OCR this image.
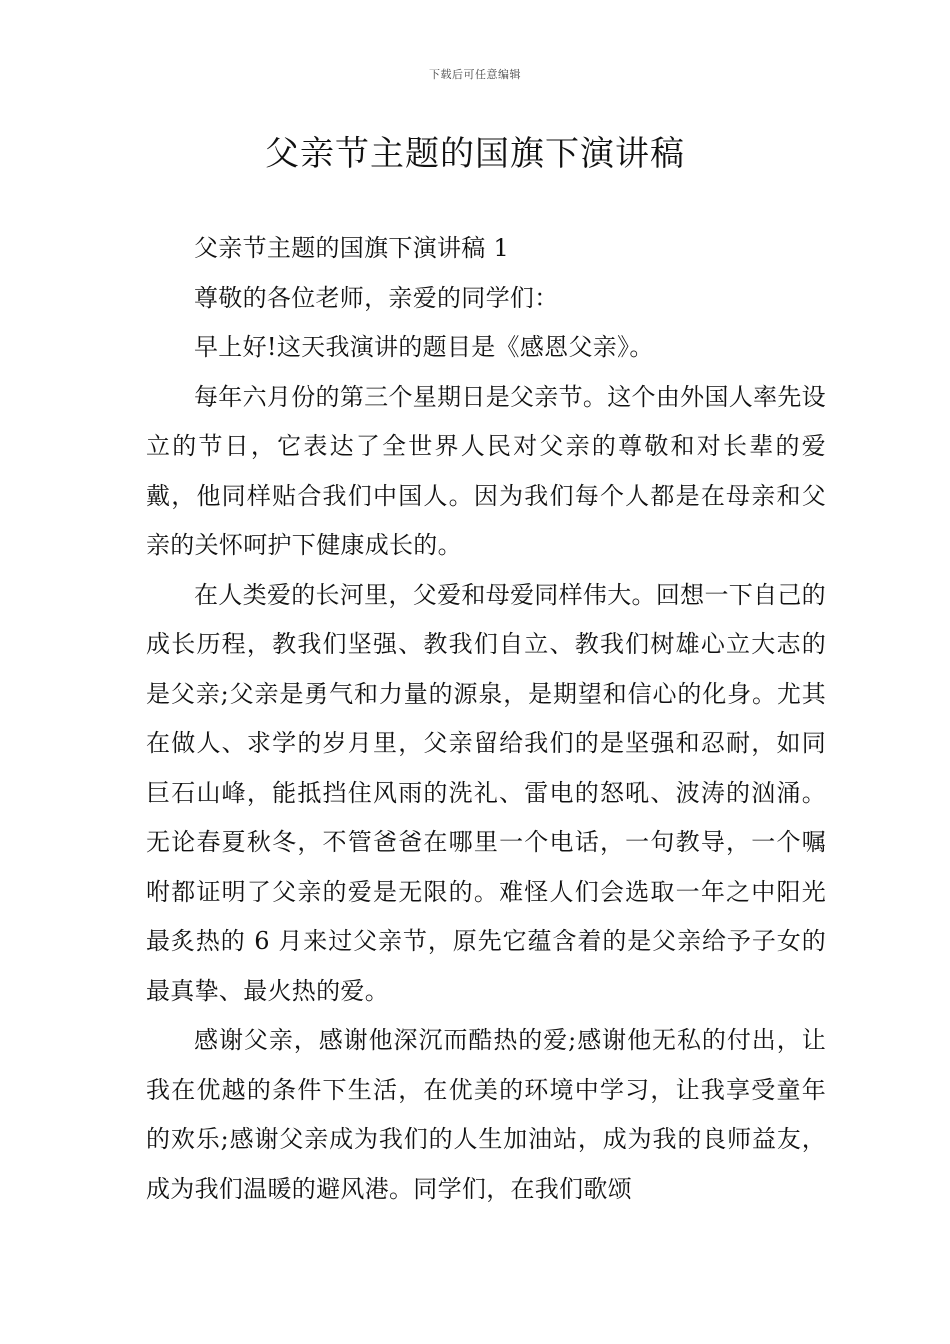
下载后可任意编辑
父亲节主题的国旗下演讲稿

父亲节主题的国旗下演讲稿 1

尊敬的各位老师，亲爱的同学们：

早上好!这天我演讲的题目是《感恩父亲》。

每年六月份的第三个星期日是父亲节。这个由外国人率先设立的节日，它表达了全世界人民对父亲的尊敬和对长辈的爱戴，他同样贴合我们中国人。因为我们每个人都是在母亲和父亲的关怀呵护下健康成长的。

在人类爱的长河里，父爱和母爱同样伟大。回想一下自己的成长历程，教我们坚强、教我们自立、教我们树雄心立大志的是父亲;父亲是勇气和力量的源泉，是期望和信心的化身。尤其在做人、求学的岁月里，父亲留给我们的是坚强和忍耐，如同巨石山峰，能抵挡住风雨的洗礼、雷电的怒吼、波涛的汹涌。无论春夏秋冬，不管爸爸在哪里一个电话，一句教导，一个嘱咐都证明了父亲的爱是无限的。难怪人们会选取一年之中阳光最炙热的 6 月来过父亲节，原先它蕴含着的是父亲给予子女的最真挚、最火热的爱。

感谢父亲，感谢他深沉而酷热的爱;感谢他无私的付出，让我在优越的条件下生活，在优美的环境中学习，让我享受童年的欢乐;感谢父亲成为我们的人生加油站，成为我的良师益友，成为我们温暖的避风港。同学们，在我们歌颂
